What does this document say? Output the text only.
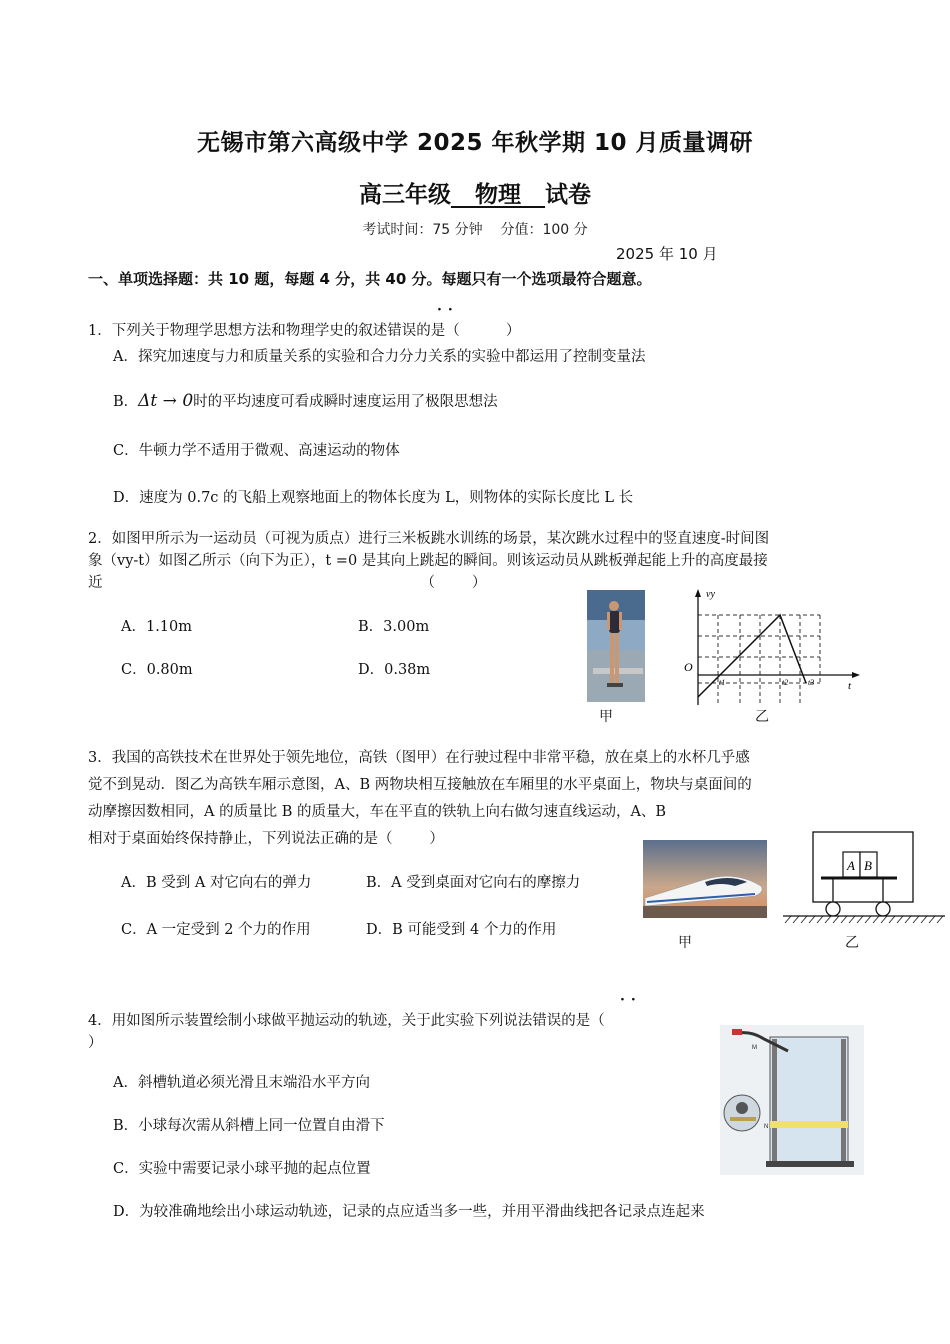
无锡市第六高级中学 2025 年秋学期 10 月质量调研
高三年级 物理 试卷
考试时间：75 分钟    分值：100 分
2025 年 10 月
一、单项选择题：共 10 题，每题 4 分，共 40 分。每题只有一个选项最符合题意。
··
1．下列关于物理学思想方法和物理学史的叙述错误的是（          ）
A．探究加速度与力和质量关系的实验和合力分力关系的实验中都运用了控制变量法
B．Δt → 0时的平均速度可看成瞬时速度运用了极限思想法
C．牛顿力学不适用于微观、高速运动的物体
D．速度为 0.7c 的飞船上观察地面上的物体长度为 L，则物体的实际长度比 L 长
2．如图甲所示为一运动员（可视为质点）进行三米板跳水训练的场景，某次跳水过程中的竖直速度-时间图
象（vy-t）如图乙所示（向下为正），t =0 是其向上跳起的瞬间。则该运动员从跳板弹起能上升的高度最接
近                                                                     （        ）
A．1.10m	B．3.00m
C．0.80m	D．0.38m
甲
vy
t
O
t1	t2 t3
乙
3．我国的高铁技术在世界处于领先地位，高铁（图甲）在行驶过程中非常平稳，放在桌上的水杯几乎感
觉不到晃动．图乙为高铁车厢示意图，A、B 两物块相互接触放在车厢里的水平桌面上，物块与桌面间的
动摩擦因数相同，A 的质量比 B 的质量大，车在平直的铁轨上向右做匀速直线运动，A、B
相对于桌面始终保持静止，下列说法正确的是（        ）
A．B 受到 A 对它向右的弹力	B．A 受到桌面对它向右的摩擦力
C．A 一定受到 2 个力的作用	D．B 可能受到 4 个力的作用
甲
A B
乙
··
4．用如图所示装置绘制小球做平抛运动的轨迹，关于此实验下列说法错误的是（
）
A．斜槽轨道必须光滑且末端沿水平方向
B．小球每次需从斜槽上同一位置自由滑下
C．实验中需要记录小球平抛的起点位置
D．为较准确地绘出小球运动轨迹，记录的点应适当多一些，并用平滑曲线把各记录点连起来
M
N
